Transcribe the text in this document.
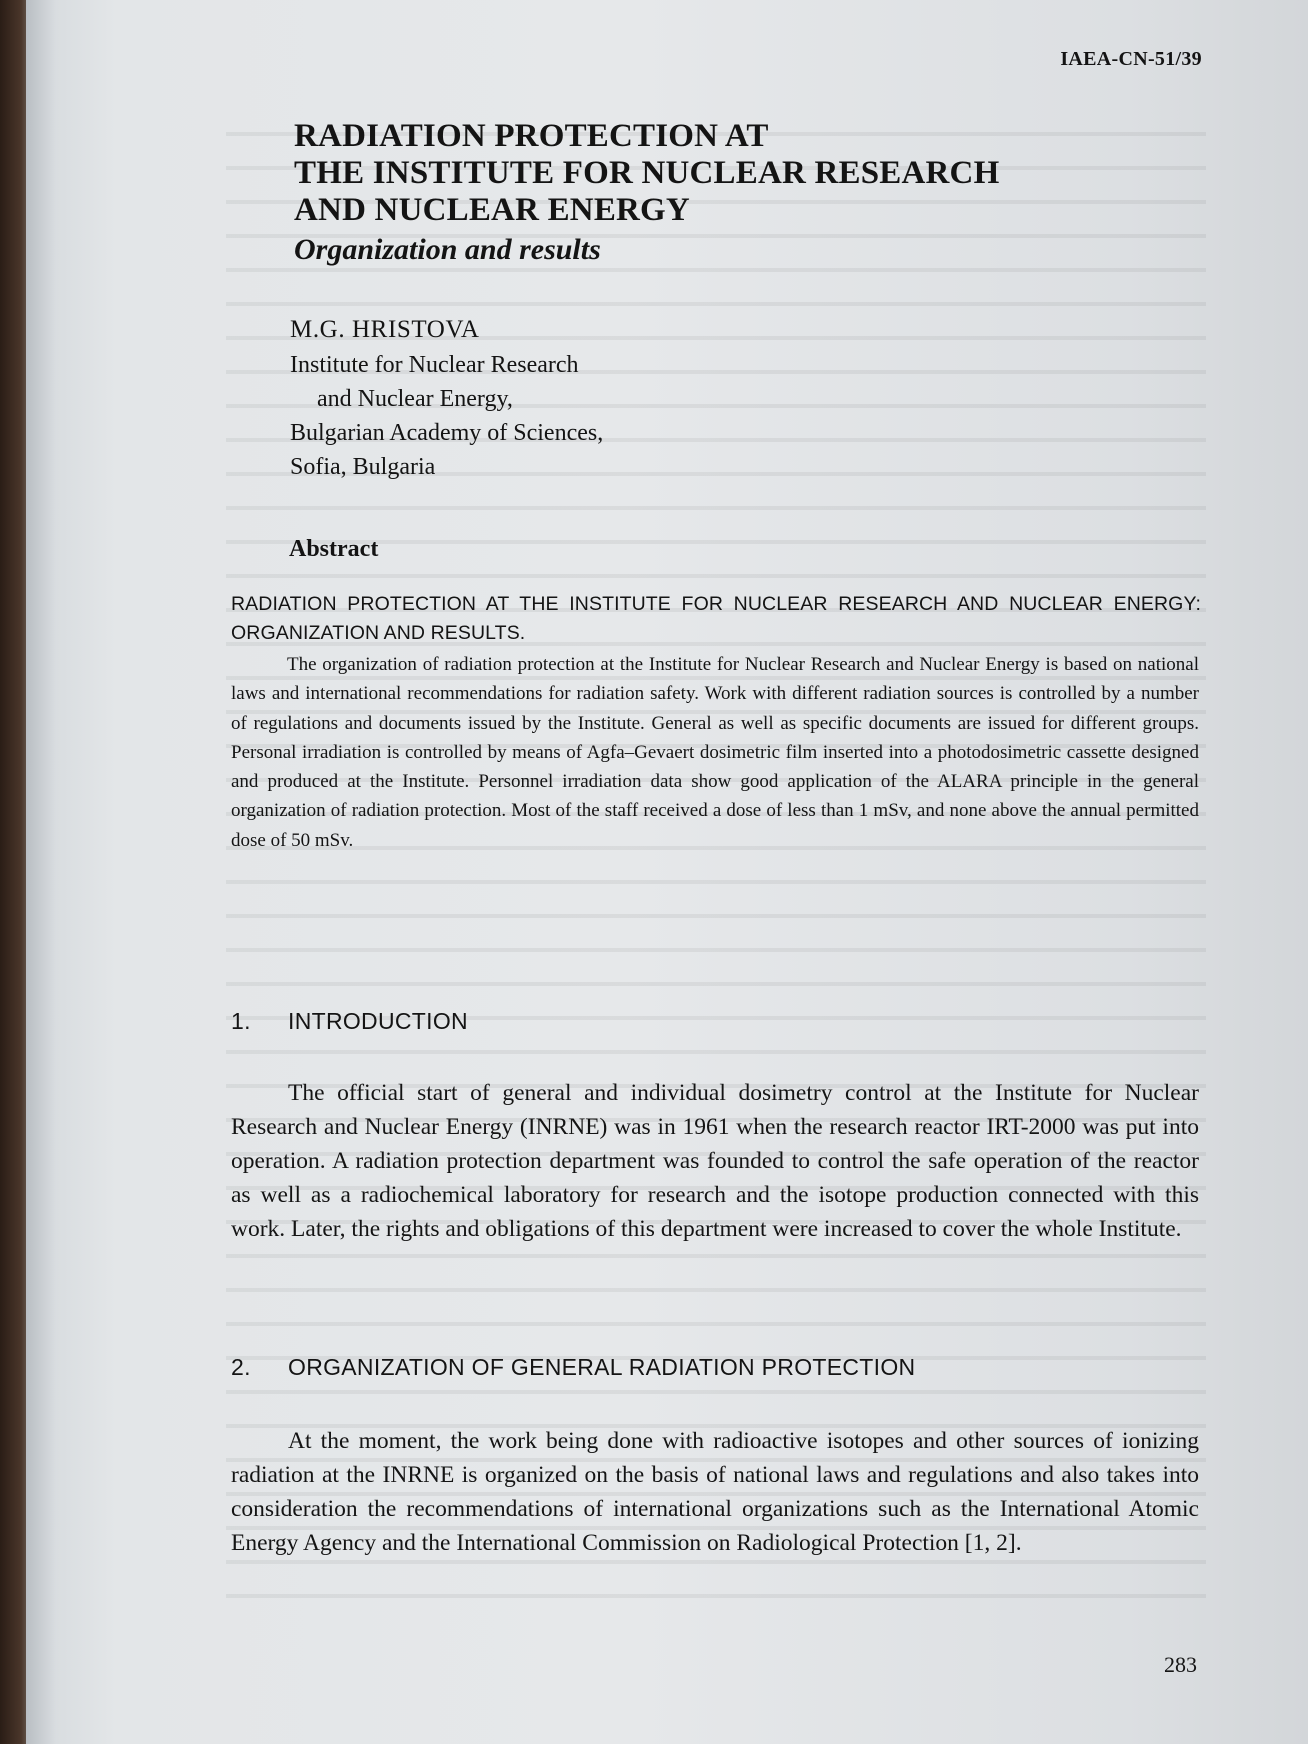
IAEA-CN-51/39
RADIATION PROTECTION AT
THE INSTITUTE FOR NUCLEAR RESEARCH
AND NUCLEAR ENERGY
Organization and results
M.G. HRISTOVA
Institute for Nuclear Research
and Nuclear Energy,
Bulgarian Academy of Sciences,
Sofia, Bulgaria
Abstract

RADIATION PROTECTION AT THE INSTITUTE FOR NUCLEAR RESEARCH AND NUCLEAR ENERGY: ORGANIZATION AND RESULTS.

The organization of radiation protection at the Institute for Nuclear Research and Nuclear Energy is based on national laws and international recommendations for radiation safety. Work with different radiation sources is controlled by a number of regulations and documents issued by the Institute. General as well as specific documents are issued for different groups. Personal irradiation is controlled by means of Agfa–Gevaert dosimetric film inserted into a photodosimetric cassette designed and produced at the Institute. Personnel irradiation data show good application of the ALARA principle in the general organization of radiation protection. Most of the staff received a dose of less than 1 mSv, and none above the annual permitted dose of 50 mSv.

1. INTRODUCTION

The official start of general and individual dosimetry control at the Institute for Nuclear Research and Nuclear Energy (INRNE) was in 1961 when the research reactor IRT-2000 was put into operation. A radiation protection department was founded to control the safe operation of the reactor as well as a radiochemical laboratory for research and the isotope production connected with this work. Later, the rights and obligations of this department were increased to cover the whole Institute.

2. ORGANIZATION OF GENERAL RADIATION PROTECTION

At the moment, the work being done with radioactive isotopes and other sources of ionizing radiation at the INRNE is organized on the basis of national laws and regulations and also takes into consideration the recommendations of international organizations such as the International Atomic Energy Agency and the International Commission on Radiological Protection [1, 2].

283
